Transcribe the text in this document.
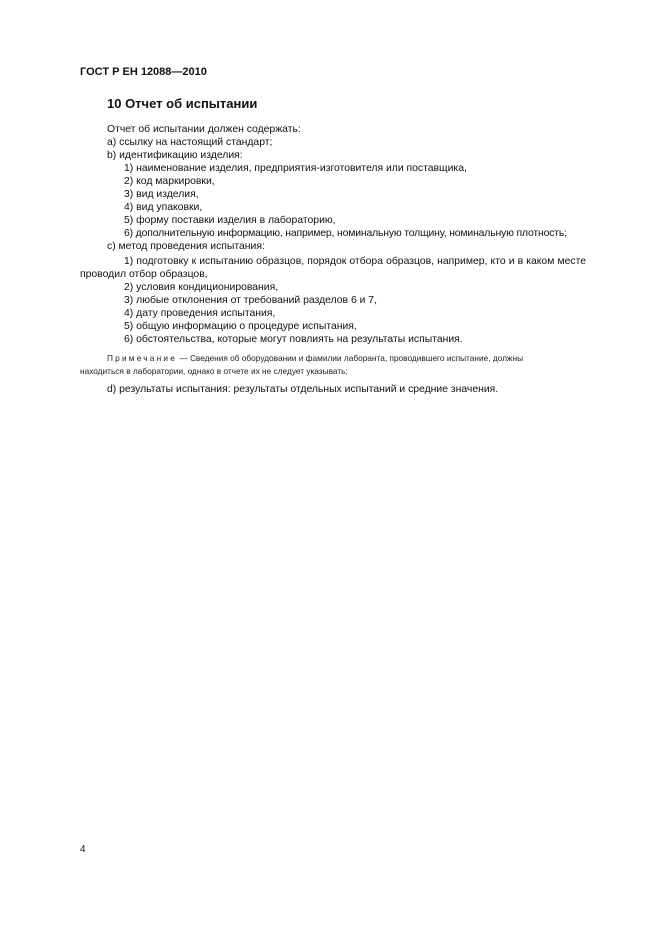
ГОСТ Р ЕН 12088—2010
10 Отчет об испытании
Отчет об испытании должен содержать:
a) ссылку на настоящий стандарт;
b) идентификацию изделия:
1) наименование изделия, предприятия-изготовителя или поставщика,
2) код маркировки,
3) вид изделия,
4) вид упаковки,
5) форму поставки изделия в лабораторию,
6) дополнительную информацию, например, номинальную толщину, номинальную плотность;
c) метод проведения испытания:
1) подготовку к испытанию образцов, порядок отбора образцов, например, кто и в каком месте
проводил отбор образцов,
2) условия кондиционирования,
3) любые отклонения от требований разделов 6 и 7,
4) дату проведения испытания,
5) общую информацию о процедуре испытания,
6) обстоятельства, которые могут повлиять на результаты испытания.
Примечание — Сведения об оборудовании и фамилии лаборанта, проводившего испытание, должны
находиться в лаборатории, однако в отчете их не следует указывать;
d) результаты испытания: результаты отдельных испытаний и средние значения.
4
